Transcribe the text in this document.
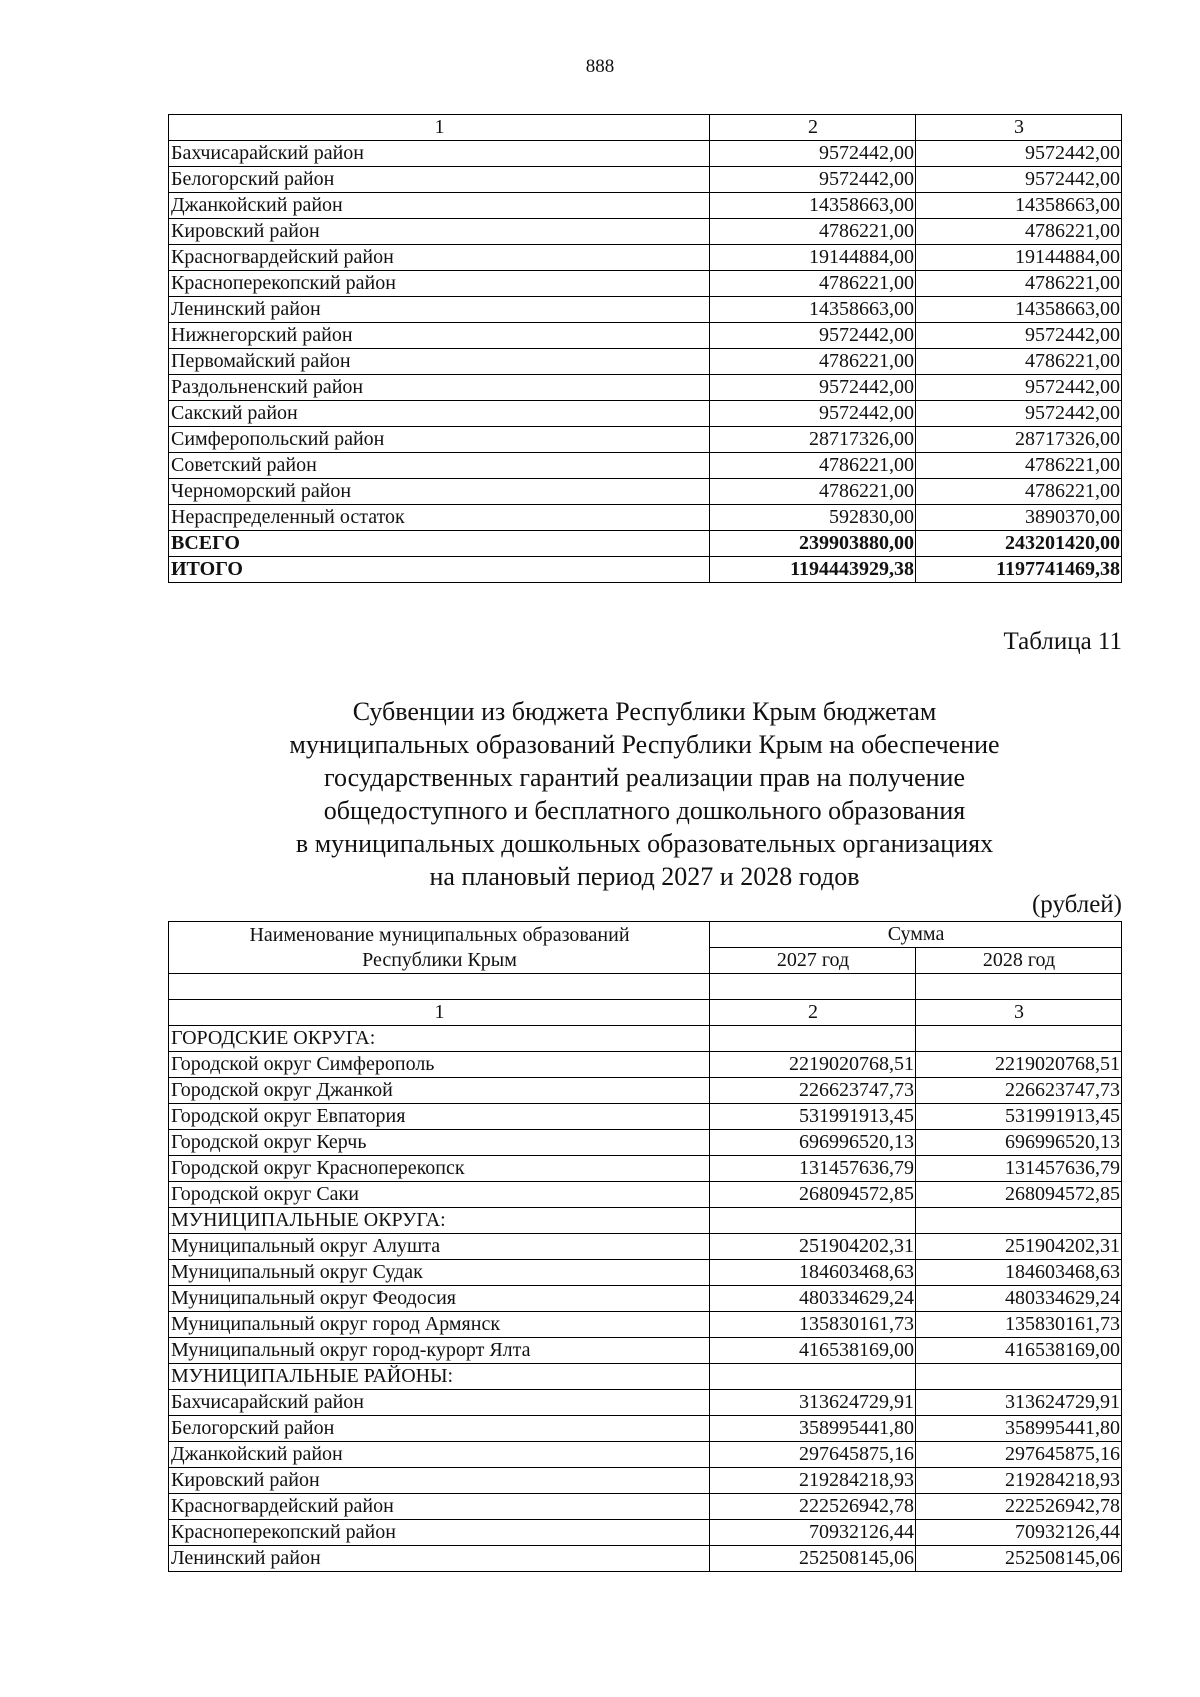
888
1	2	3
Бахчисарайский район	9572442,00	9572442,00
Белогорский район	9572442,00	9572442,00
Джанкойский район	14358663,00	14358663,00
Кировский район	4786221,00	4786221,00
Красногвардейский район	19144884,00	19144884,00
Красноперекопский район	4786221,00	4786221,00
Ленинский район	14358663,00	14358663,00
Нижнегорский район	9572442,00	9572442,00
Первомайский район	4786221,00	4786221,00
Раздольненский район	9572442,00	9572442,00
Сакский район	9572442,00	9572442,00
Симферопольский район	28717326,00	28717326,00
Советский район	4786221,00	4786221,00
Черноморский район	4786221,00	4786221,00
Нераспределенный остаток	592830,00	3890370,00
ВСЕГО	239903880,00	243201420,00
ИТОГО	1194443929,38	1197741469,38
Таблица 11
Субвенции из бюджета Республики Крым бюджетам
муниципальных образований Республики Крым на обеспечение
государственных гарантий реализации прав на получение
общедоступного и бесплатного дошкольного образования
в муниципальных дошкольных образовательных организациях
на плановый период 2027 и 2028 годов
(рублей)
Наименование муниципальных образований
Республики Крым	Сумма	
	2027 год	2028 год

1	2	3
ГОРОДСКИЕ ОКРУГА:		
Городской округ Симферополь	2219020768,51	2219020768,51
Городской округ Джанкой	226623747,73	226623747,73
Городской округ Евпатория	531991913,45	531991913,45
Городской округ Керчь	696996520,13	696996520,13
Городской округ Красноперекопск	131457636,79	131457636,79
Городской округ Саки	268094572,85	268094572,85
МУНИЦИПАЛЬНЫЕ ОКРУГА:		
Муниципальный округ Алушта	251904202,31	251904202,31
Муниципальный округ Судак	184603468,63	184603468,63
Муниципальный округ Феодосия	480334629,24	480334629,24
Муниципальный округ город Армянск	135830161,73	135830161,73
Муниципальный округ город-курорт Ялта	416538169,00	416538169,00
МУНИЦИПАЛЬНЫЕ РАЙОНЫ:		
Бахчисарайский район	313624729,91	313624729,91
Белогорский район	358995441,80	358995441,80
Джанкойский район	297645875,16	297645875,16
Кировский район	219284218,93	219284218,93
Красногвардейский район	222526942,78	222526942,78
Красноперекопский район	70932126,44	70932126,44
Ленинский район	252508145,06	252508145,06
